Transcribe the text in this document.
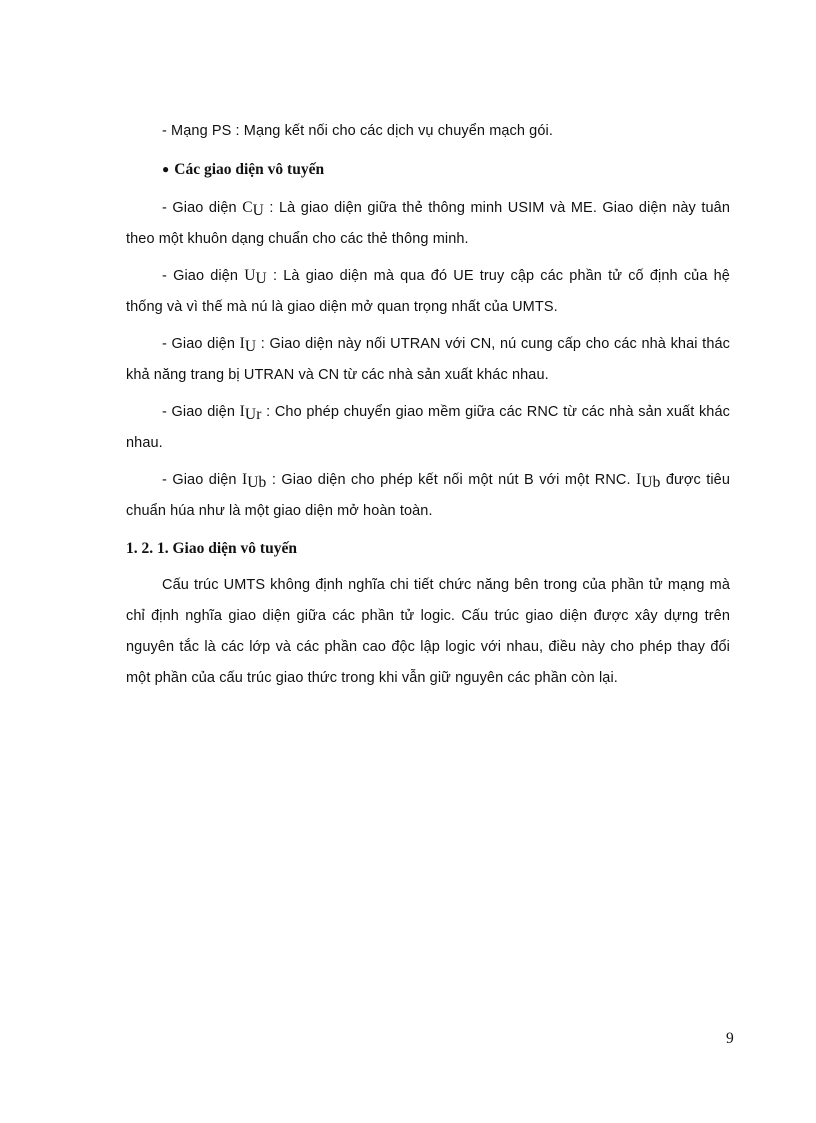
- Mạng PS : Mạng kết nối cho các dịch vụ chuyển mạch gói.

● Các giao diện vô tuyến

- Giao diện $C_U$ : Là giao diện giữa thẻ thông minh USIM và ME. Giao diện này tuân theo một khuôn dạng chuẩn cho các thẻ thông minh.

- Giao diện $U_U$ : Là giao diện mà qua đó UE truy cập các phần tử cố định của hệ thống và vì thế mà nú là giao diện mở quan trọng nhất của UMTS.

- Giao diện $I_U$ : Giao diện này nối UTRAN với CN, nú cung cấp cho các nhà khai thác khả năng trang bị UTRAN và CN từ các nhà sản xuất khác nhau.

- Giao diện $I_{Ur}$ : Cho phép chuyển giao mềm giữa các RNC từ các nhà sản xuất khác nhau.

- Giao diện $I_{Ub}$ : Giao diện cho phép kết nối một nút B với một RNC. $I_{Ub}$ được tiêu chuẩn húa như là một giao diện mở hoàn toàn.

1. 2. 1. Giao diện vô tuyến

Cấu trúc UMTS không định nghĩa chi tiết chức năng bên trong của phần tử mạng mà chỉ định nghĩa giao diện giữa các phần tử logic. Cấu trúc giao diện được xây dựng trên nguyên tắc là các lớp và các phần cao độc lập logic với nhau, điều này cho phép thay đổi một phần của cấu trúc giao thức trong khi vẫn giữ nguyên các phần còn lại.

9
